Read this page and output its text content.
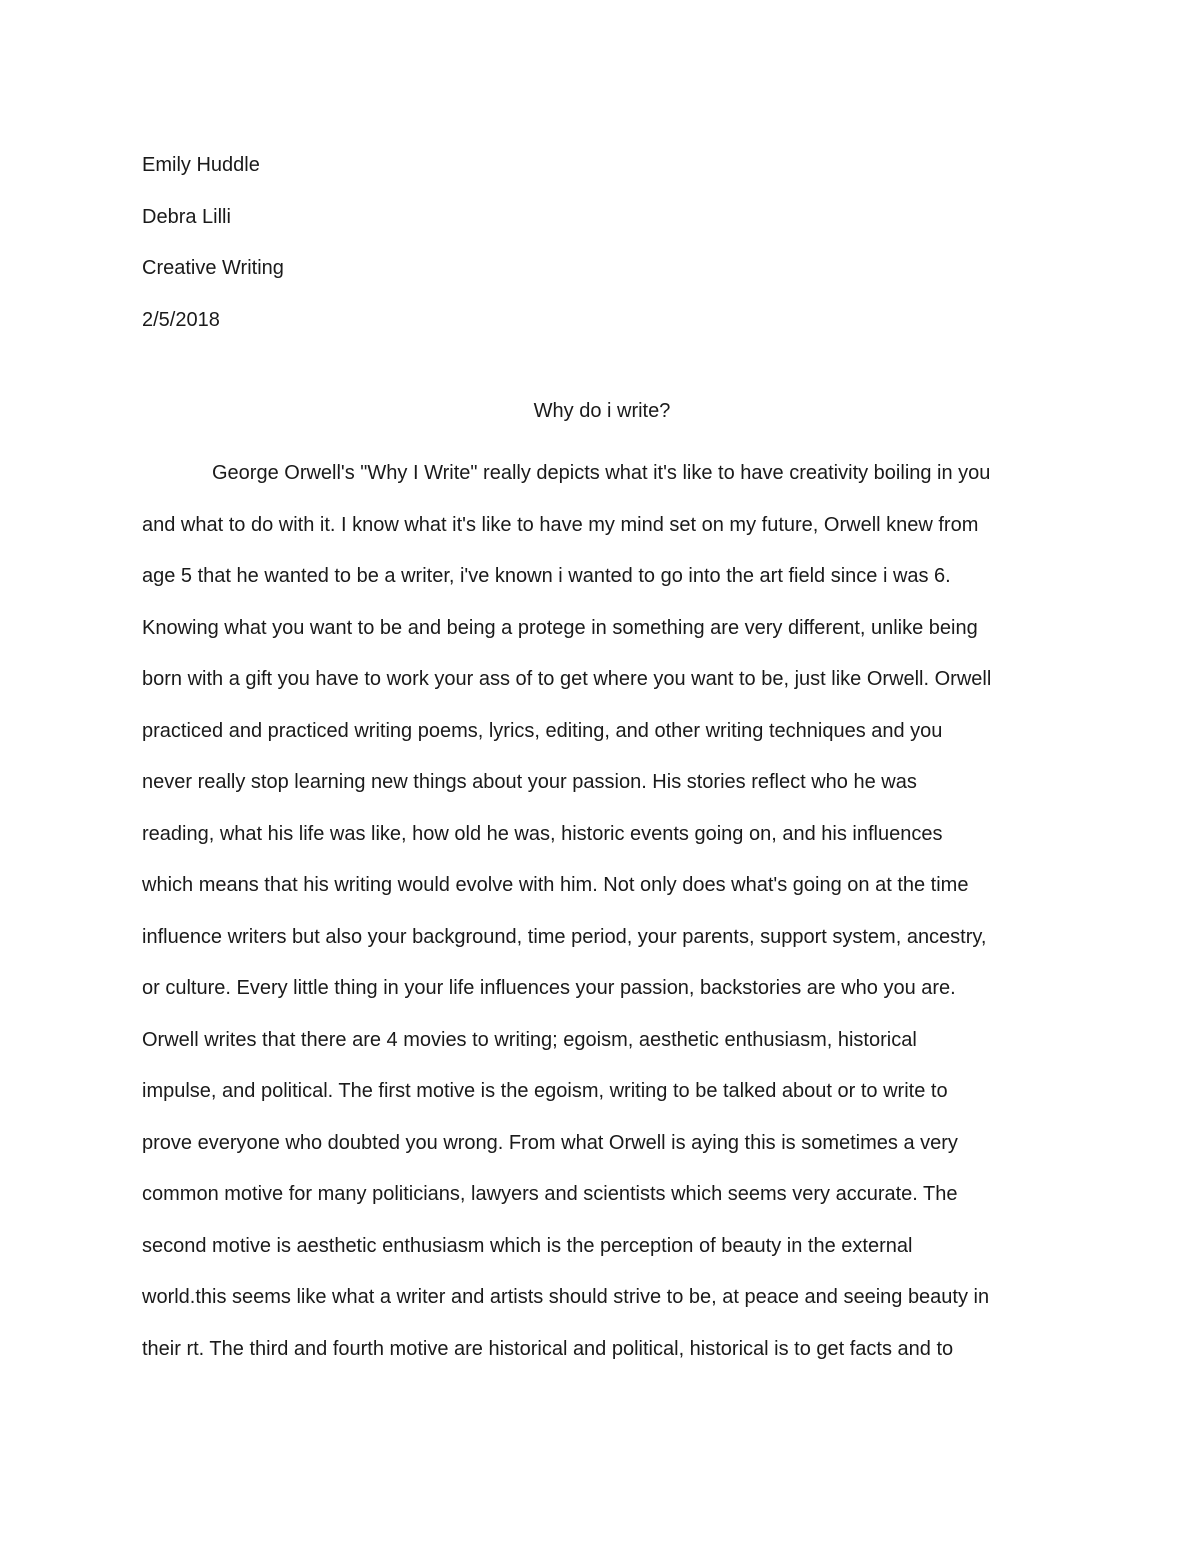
Emily Huddle
Debra Lilli
Creative Writing
2/5/2018
Why do i write?
George Orwell's "Why I Write" really depicts what it's like to have creativity boiling in you
and what to do with it. I know what it's like to have my mind set on my future, Orwell knew from
age 5 that he wanted to be a writer, i've known i wanted to go into the art field since i was 6.
Knowing what you want to be and being a protege in something are very different, unlike being
born with a gift you have to work your ass of to get where you want to be, just like Orwell. Orwell
practiced and practiced writing poems, lyrics, editing, and other writing techniques and you
never really stop learning new things about your passion. His stories reflect who he was
reading, what his life was like, how old he was, historic events going on, and his influences
which means that his writing would evolve with him. Not only does what's going on at the time
influence writers but also your background, time period, your parents, support system, ancestry,
or culture. Every little thing in your life influences your passion, backstories are who you are.
Orwell writes that there are 4 movies to writing; egoism, aesthetic enthusiasm, historical
impulse, and political. The first motive is the egoism, writing to be talked about or to write to
prove everyone who doubted you wrong. From what Orwell is aying this is sometimes a very
common motive for many politicians, lawyers and scientists which seems very accurate. The
second motive is aesthetic enthusiasm which is the perception of beauty in the external
world.this seems like what a writer and artists should strive to be, at peace and seeing beauty in
their rt. The third and fourth motive are historical and political, historical is to get facts and to
